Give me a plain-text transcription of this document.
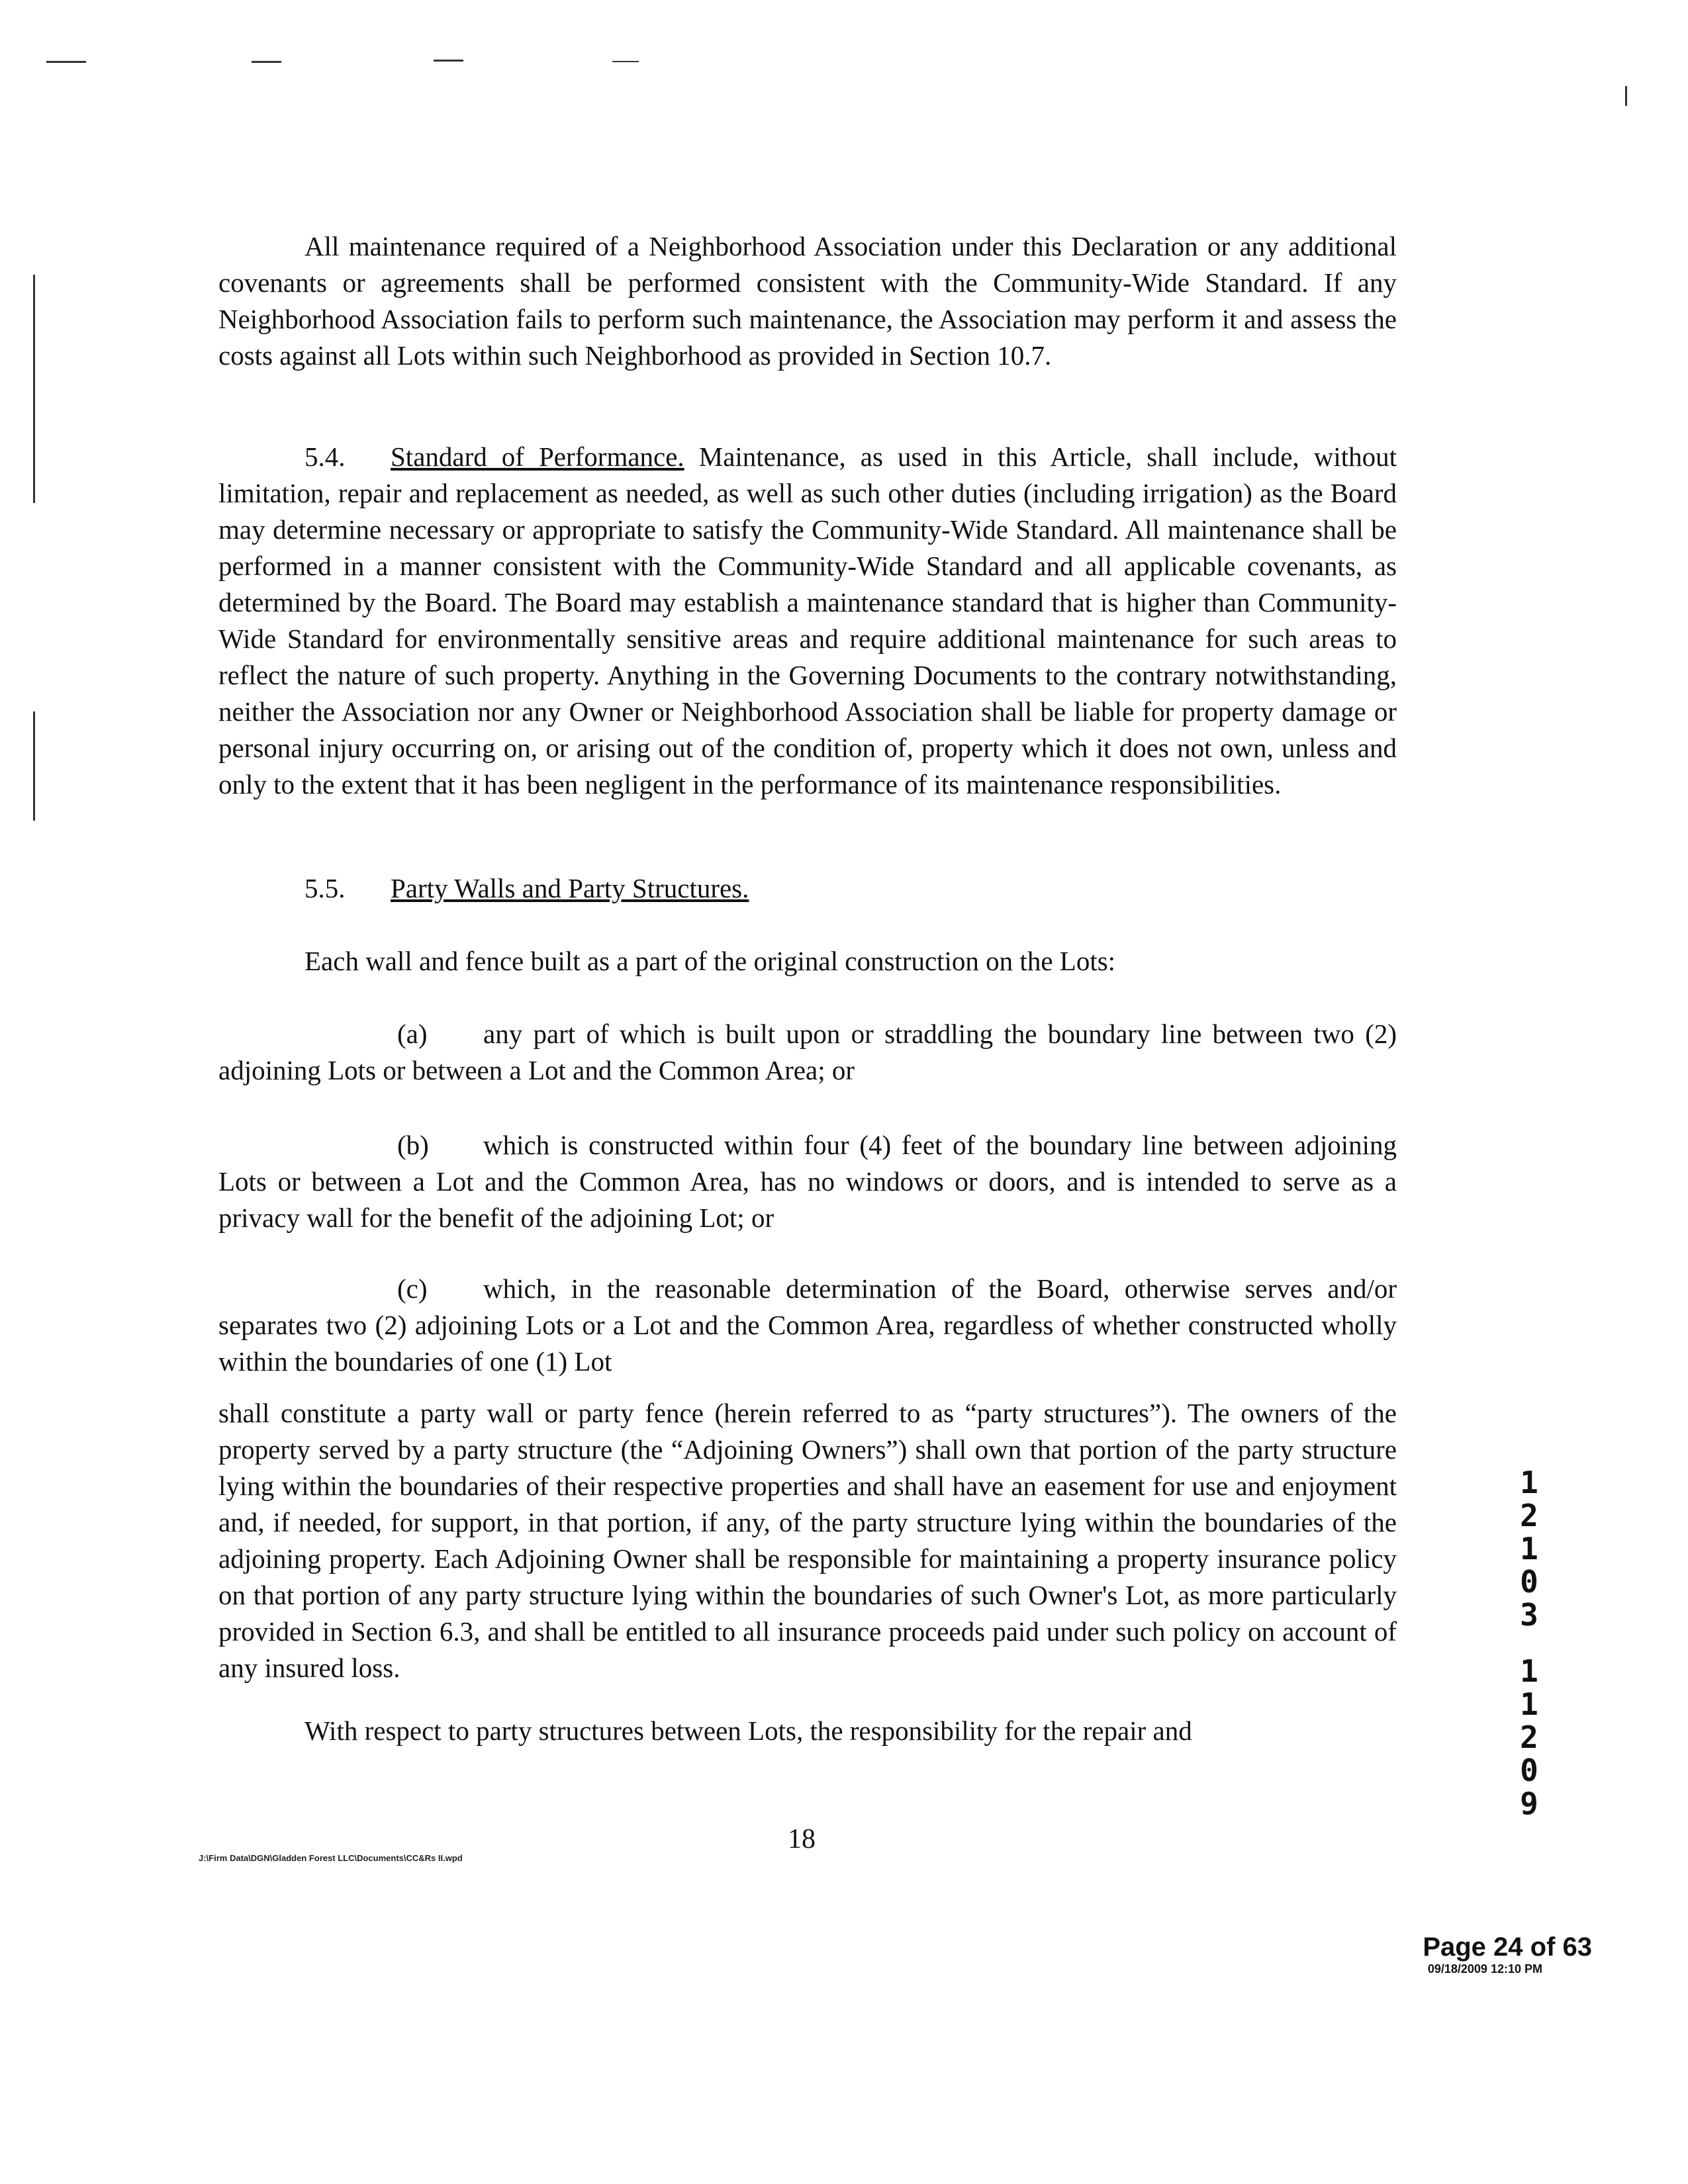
All maintenance required of a Neighborhood Association under this Declaration or any additional covenants or agreements shall be performed consistent with the Community-Wide Standard. If any Neighborhood Association fails to perform such maintenance, the Association may perform it and assess the costs against all Lots within such Neighborhood as provided in Section 10.7.
5.4. Standard of Performance. Maintenance, as used in this Article, shall include, without limitation, repair and replacement as needed, as well as such other duties (including irrigation) as the Board may determine necessary or appropriate to satisfy the Community-Wide Standard. All maintenance shall be performed in a manner consistent with the Community-Wide Standard and all applicable covenants, as determined by the Board. The Board may establish a maintenance standard that is higher than Community-Wide Standard for environmentally sensitive areas and require additional maintenance for such areas to reflect the nature of such property. Anything in the Governing Documents to the contrary notwithstanding, neither the Association nor any Owner or Neighborhood Association shall be liable for property damage or personal injury occurring on, or arising out of the condition of, property which it does not own, unless and only to the extent that it has been negligent in the performance of its maintenance responsibilities.
5.5. Party Walls and Party Structures.
Each wall and fence built as a part of the original construction on the Lots:
(a) any part of which is built upon or straddling the boundary line between two (2) adjoining Lots or between a Lot and the Common Area; or
(b) which is constructed within four (4) feet of the boundary line between adjoining Lots or between a Lot and the Common Area, has no windows or doors, and is intended to serve as a privacy wall for the benefit of the adjoining Lot; or
(c) which, in the reasonable determination of the Board, otherwise serves and/or separates two (2) adjoining Lots or a Lot and the Common Area, regardless of whether constructed wholly within the boundaries of one (1) Lot
shall constitute a party wall or party fence (herein referred to as “party structures”). The owners of the property served by a party structure (the “Adjoining Owners”) shall own that portion of the party structure lying within the boundaries of their respective properties and shall have an easement for use and enjoyment and, if needed, for support, in that portion, if any, of the party structure lying within the boundaries of the adjoining property. Each Adjoining Owner shall be responsible for maintaining a property insurance policy on that portion of any party structure lying within the boundaries of such Owner's Lot, as more particularly provided in Section 6.3, and shall be entitled to all insurance proceeds paid under such policy on account of any insured loss.
With respect to party structures between Lots, the responsibility for the repair and
J:\Firm Data\DGN\Gladden Forest LLC\Documents\CC&Rs II.wpd
18
Page 24 of 63
09/18/2009 12:10 PM
1
2
1
0
3
1
1
2
0
9
